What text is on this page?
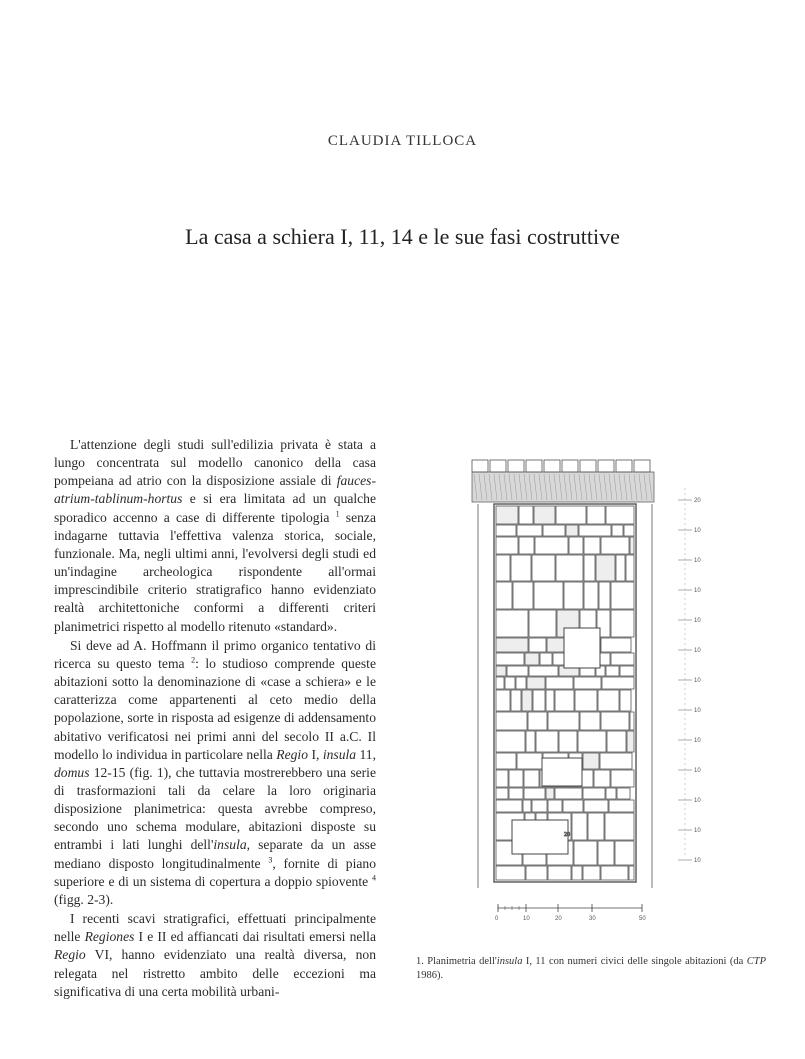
CLAUDIA TILLOCA
La casa a schiera I, 11, 14 e le sue fasi costruttive

L'attenzione degli studi sull'edilizia privata è stata a lungo concentrata sul modello canonico della casa pompeiana ad atrio con la disposizione assiale di fauces-atrium-tablinum-hortus e si era limitata ad un qualche sporadico accenno a case di differente tipologia $^1$ senza indagarne tuttavia l'effettiva valenza storica, sociale, funzionale. Ma, negli ultimi anni, l'evolversi degli studi ed un'indagine archeologica rispondente all'ormai imprescindibile criterio stratigrafico hanno evidenziato realtà architettoniche conformi a differenti criteri planimetrici rispetto al modello ritenuto «standard».

Si deve ad A. Hoffmann il primo organico tentativo di ricerca su questo tema $^2$: lo studioso comprende queste abitazioni sotto la denominazione di «case a schiera» e le caratterizza come appartenenti al ceto medio della popolazione, sorte in risposta ad esigenze di addensamento abitativo verificatosi nei primi anni del secolo II a.C. Il modello lo individua in particolare nella Regio I, insula 11, domus 12-15 (fig. 1), che tuttavia mostrerebbero una serie di trasformazioni tali da celare la loro originaria disposizione planimetrica: questa avrebbe compreso, secondo uno schema modulare, abitazioni disposte su entrambi i lati lunghi dell'insula, separate da un asse mediano disposto longitudinalmente $^3$, fornite di piano superiore e di un sistema di copertura a doppio spiovente $^4$ (figg. 2-3).

I recenti scavi stratigrafici, effettuati principalmente nelle Regiones I e II ed affiancati dai risultati emersi nella Regio VI, hanno evidenziato una realtà diversa, non relegata nel ristretto ambito delle eccezioni ma significativa di una certa mobilità urbani-

20
20
10
10
10
10
10
10
10
10
10
10
10
10
0	10	20	30	50
1. Planimetria dell'insula I, 11 con numeri civici delle singole abitazioni (da CTP 1986).
